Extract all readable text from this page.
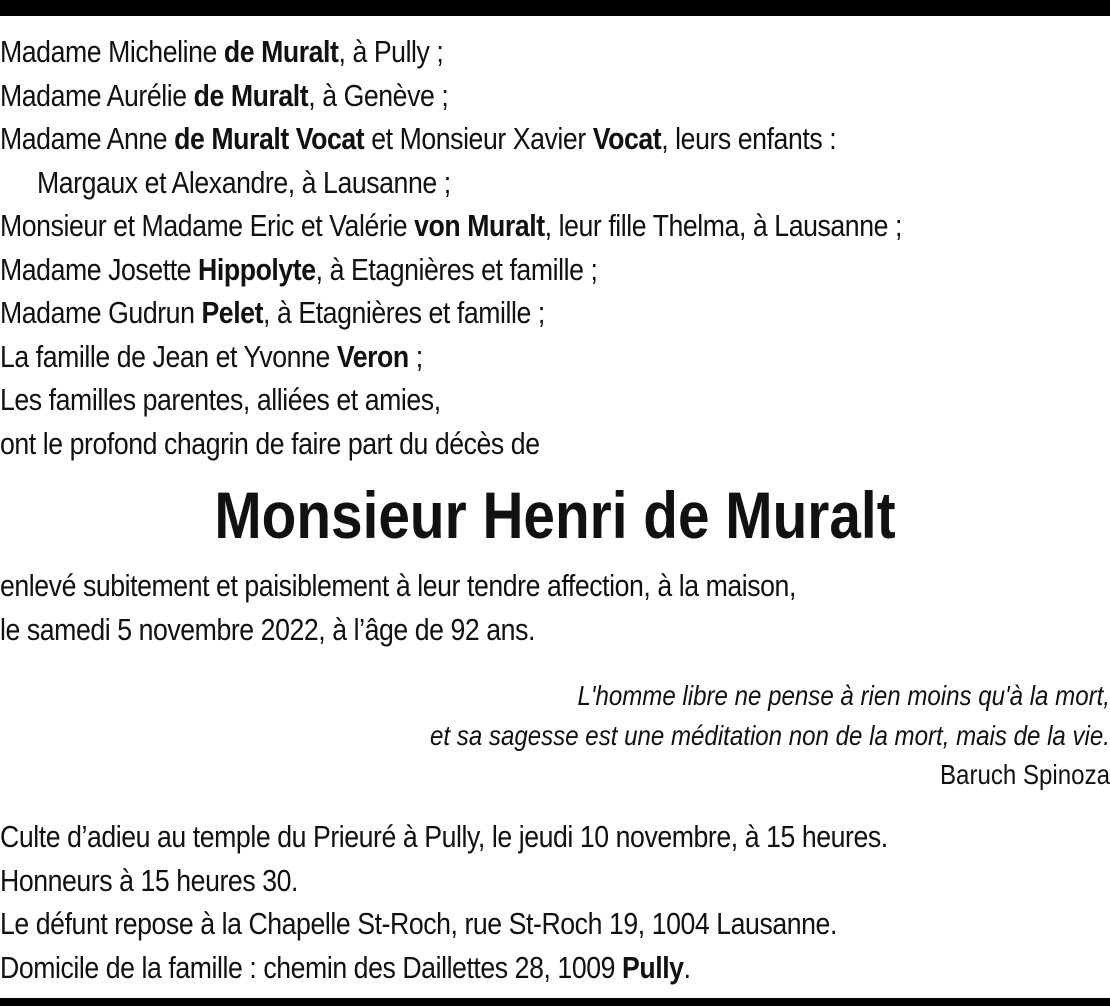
Madame Micheline de Muralt, à Pully ;
Madame Aurélie de Muralt, à Genève ;
Madame Anne de Muralt Vocat et Monsieur Xavier Vocat, leurs enfants :
Margaux et Alexandre, à Lausanne ;
Monsieur et Madame Eric et Valérie von Muralt, leur fille Thelma, à Lausanne ;
Madame Josette Hippolyte, à Etagnières et famille ;
Madame Gudrun Pelet, à Etagnières et famille ;
La famille de Jean et Yvonne Veron ;
Les familles parentes, alliées et amies,
ont le profond chagrin de faire part du décès de
Monsieur Henri de Muralt
enlevé subitement et paisiblement à leur tendre affection, à la maison,
le samedi 5 novembre 2022, à l’âge de 92 ans.
L'homme libre ne pense à rien moins qu'à la mort,
et sa sagesse est une méditation non de la mort, mais de la vie.
Baruch Spinoza
Culte d’adieu au temple du Prieuré à Pully, le jeudi 10 novembre, à 15 heures.
Honneurs à 15 heures 30.
Le défunt repose à la Chapelle St-Roch, rue St-Roch 19, 1004 Lausanne.
Domicile de la famille : chemin des Daillettes 28, 1009 Pully.
